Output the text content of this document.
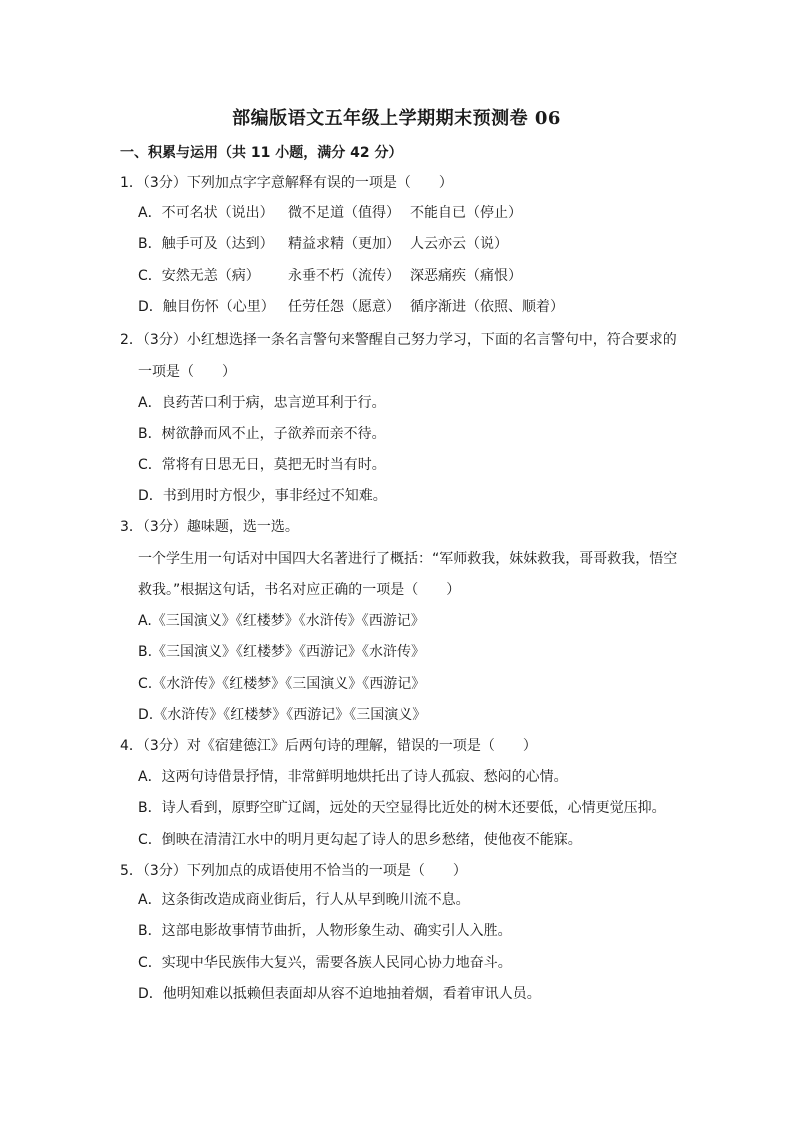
部编版语文五年级上学期期末预测卷 06
一、积累与运用（共 11 小题，满分 42 分）
1．（3分）下列加点字字意解释有误的一项是（　　）
A．不可名状（说出） 微不足道（值得） 不能自已（停止）
B．触手可及（达到） 精益求精（更加） 人云亦云（说）
C．安然无恙（病） 永垂不朽（流传） 深恶痛疾（痛恨）
D．触目伤怀（心里） 任劳任怨（愿意） 循序渐进（依照、顺着）
2．（3分）小红想选择一条名言警句来警醒自己努力学习，下面的名言警句中，符合要求的
一项是（　　）
A．良药苦口利于病，忠言逆耳利于行。
B．树欲静而风不止，子欲养而亲不待。
C．常将有日思无日，莫把无时当有时。
D．书到用时方恨少，事非经过不知难。
3．（3分）趣味题，选一选。
一个学生用一句话对中国四大名著进行了概括：“军师救我，妹妹救我，哥哥救我，悟空
救我。”根据这句话，书名对应正确的一项是（　　）
A.《三国演义》《红楼梦》《水浒传》《西游记》
B.《三国演义》《红楼梦》《西游记》《水浒传》
C.《水浒传》《红楼梦》《三国演义》《西游记》
D.《水浒传》《红楼梦》《西游记》《三国演义》
4．（3分）对《宿建德江》后两句诗的理解，错误的一项是（　　）
A．这两句诗借景抒情，非常鲜明地烘托出了诗人孤寂、愁闷的心情。
B．诗人看到，原野空旷辽阔，远处的天空显得比近处的树木还要低，心情更觉压抑。
C．倒映在清清江水中的明月更勾起了诗人的思乡愁绪，使他夜不能寐。
5．（3分）下列加点的成语使用不恰当的一项是（　　）
A．这条街改造成商业街后，行人从早到晚川流不息。
B．这部电影故事情节曲折，人物形象生动、确实引人入胜。
C．实现中华民族伟大复兴，需要各族人民同心协力地奋斗。
D．他明知难以抵赖但表面却从容不迫地抽着烟，看着审讯人员。
